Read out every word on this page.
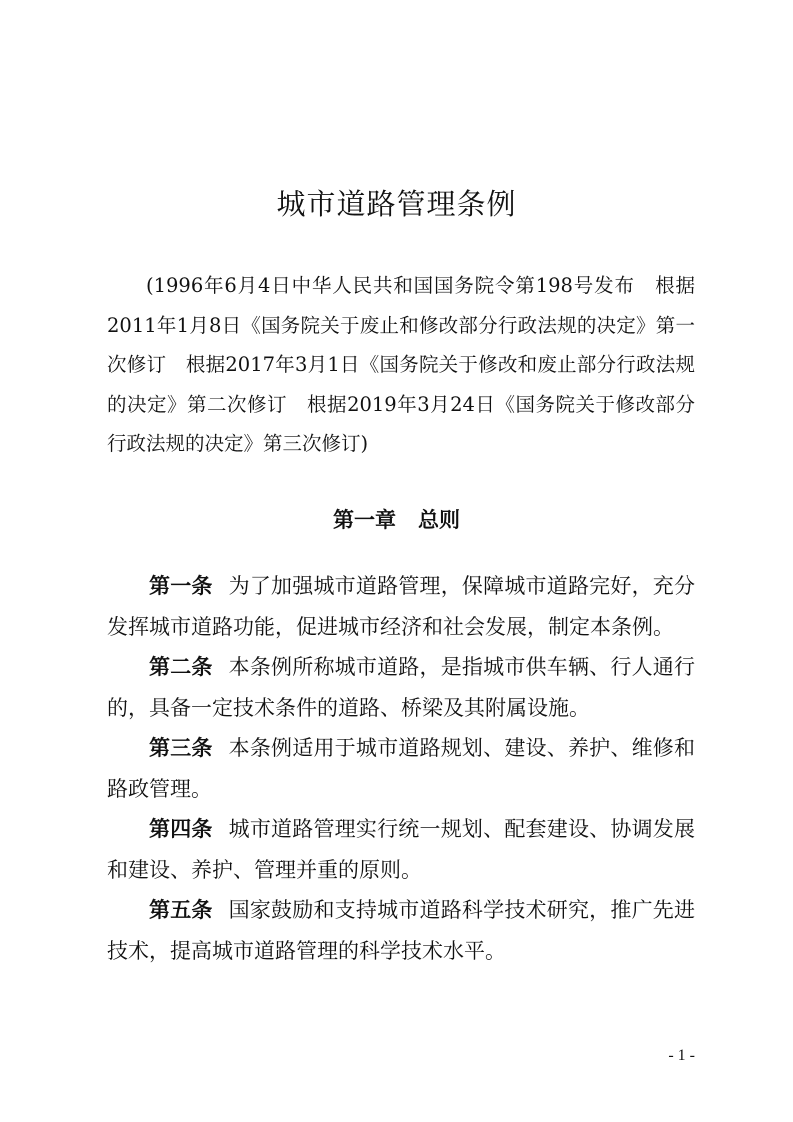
城市道路管理条例

(1996年6月4日中华人民共和国国务院令第198号发布　根据2011年1月8日《国务院关于废止和修改部分行政法规的决定》第一次修订　根据2017年3月1日《国务院关于修改和废止部分行政法规的决定》第二次修订　根据2019年3月24日《国务院关于修改部分行政法规的决定》第三次修订)

第一章 总则

第一条 为了加强城市道路管理，保障城市道路完好，充分发挥城市道路功能，促进城市经济和社会发展，制定本条例。

第二条 本条例所称城市道路，是指城市供车辆、行人通行的，具备一定技术条件的道路、桥梁及其附属设施。

第三条 本条例适用于城市道路规划、建设、养护、维修和路政管理。

第四条 城市道路管理实行统一规划、配套建设、协调发展和建设、养护、管理并重的原则。

第五条 国家鼓励和支持城市道路科学技术研究，推广先进技术，提高城市道路管理的科学技术水平。

- 1 -
